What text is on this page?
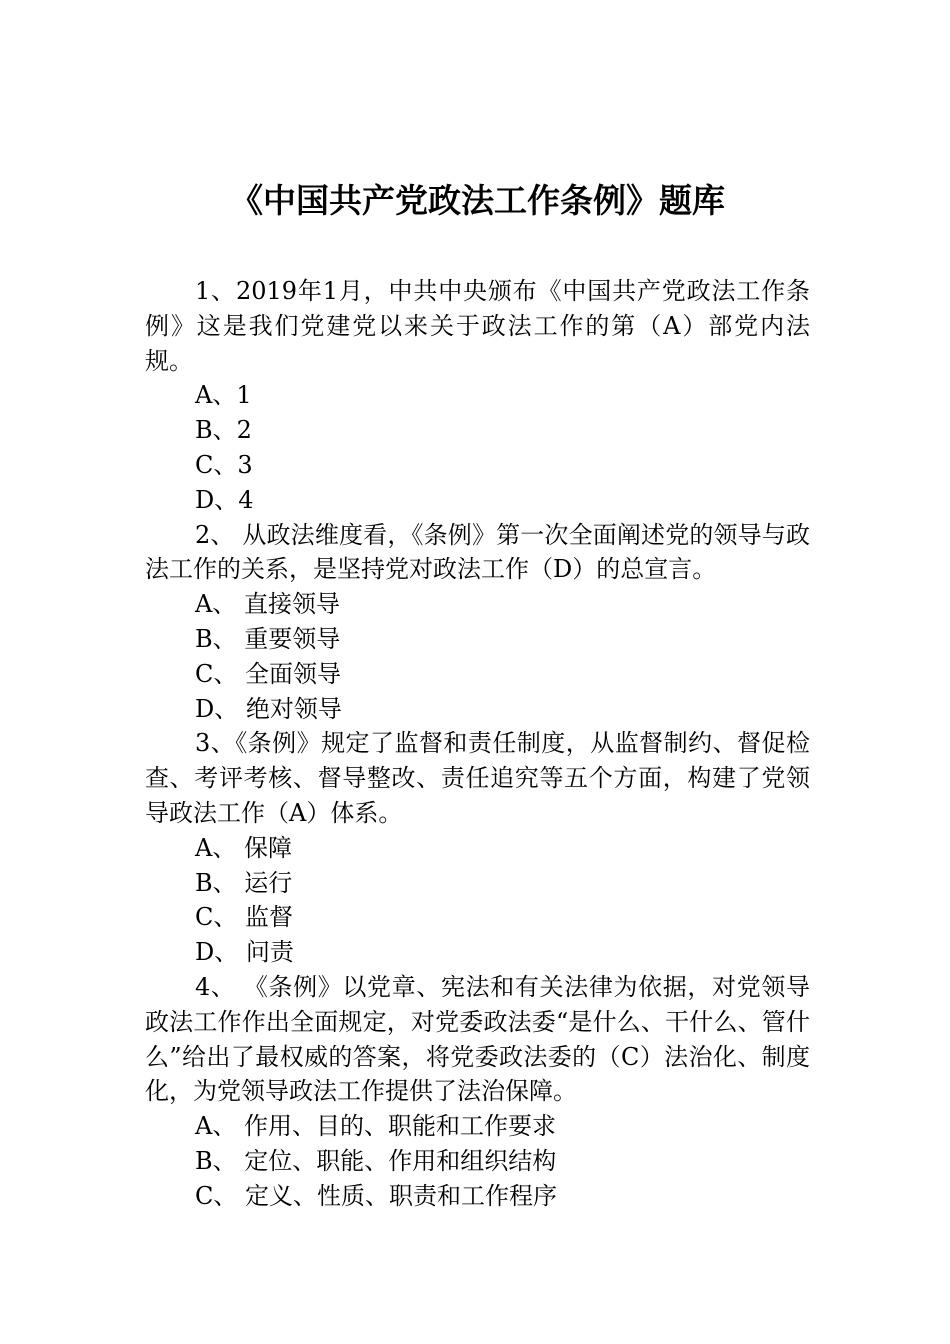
《中国共产党政法工作条例》题库

1、2019年1月，中共中央颁布《中国共产党政法工作条例》这是我们党建党以来关于政法工作的第（A）部党内法规。

A、1

B、2

C、3

D、4

2、 从政法维度看，《条例》第一次全面阐述党的领导与政法工作的关系，是坚持党对政法工作（D）的总宣言。

A、 直接领导

B、 重要领导

C、 全面领导

D、 绝对领导

3、《条例》规定了监督和责任制度，从监督制约、督促检查、考评考核、督导整改、责任追究等五个方面，构建了党领导政法工作（A）体系。

A、 保障

B、 运行

C、 监督

D、 问责

4、 《条例》以党章、宪法和有关法律为依据，对党领导政法工作作出全面规定，对党委政法委“是什么、干什么、管什么”给出了最权威的答案，将党委政法委的（C）法治化、制度化，为党领导政法工作提供了法治保障。

A、 作用、目的、职能和工作要求

B、 定位、职能、作用和组织结构

C、 定义、性质、职责和工作程序
